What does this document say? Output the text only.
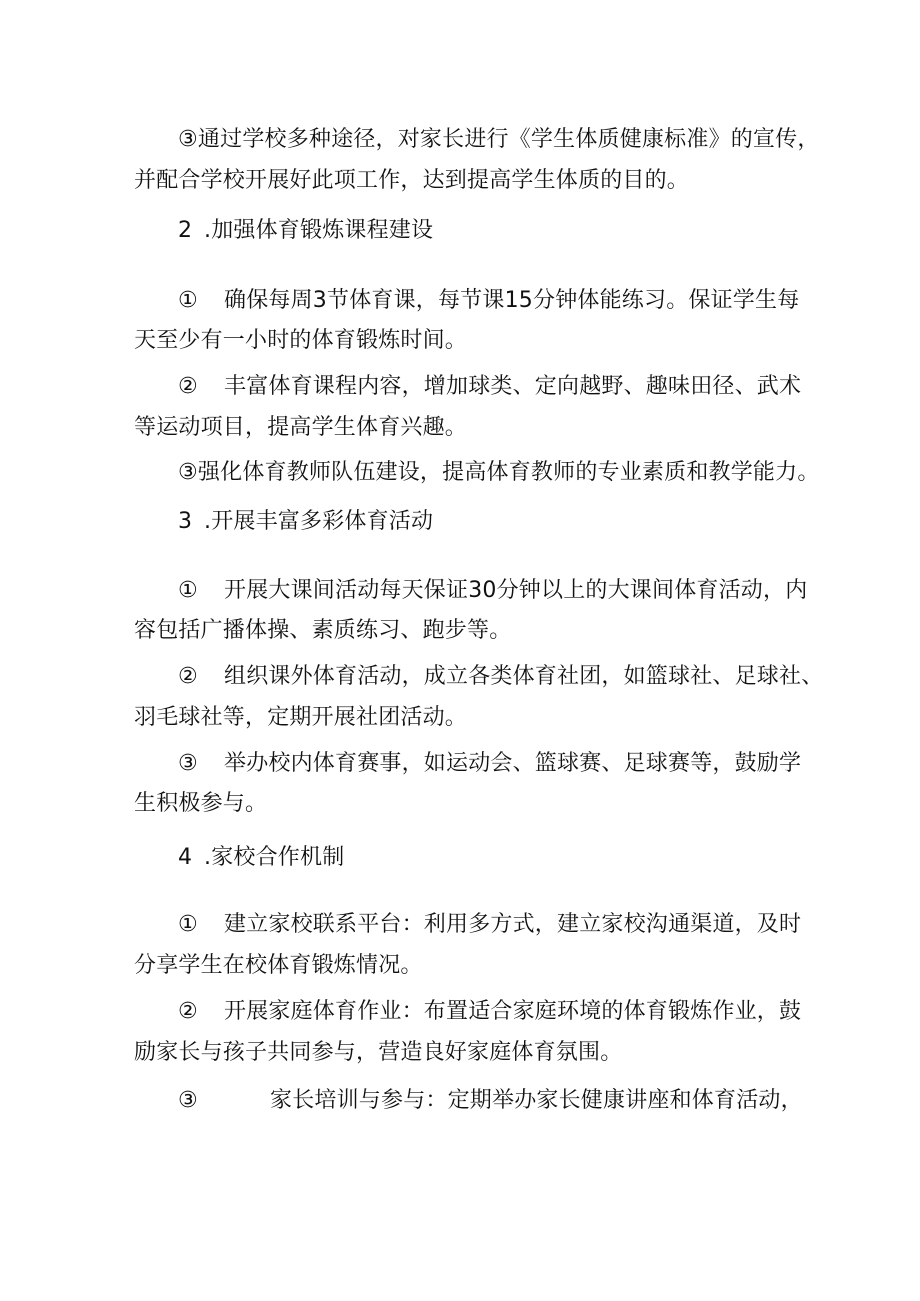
③通过学校多种途径，对家长进行《学生体质健康标准》的宣传，
并配合学校开展好此项工作，达到提高学生体质的目的。
2 .加强体育锻炼课程建设
① 确保每周3节体育课，每节课15分钟体能练习。保证学生每
天至少有一小时的体育锻炼时间。
② 丰富体育课程内容，增加球类、定向越野、趣味田径、武术
等运动项目，提高学生体育兴趣。
③强化体育教师队伍建设，提高体育教师的专业素质和教学能力。
3 .开展丰富多彩体育活动
① 开展大课间活动每天保证30分钟以上的大课间体育活动，内
容包括广播体操、素质练习、跑步等。
② 组织课外体育活动，成立各类体育社团，如篮球社、足球社、
羽毛球社等，定期开展社团活动。
③ 举办校内体育赛事，如运动会、篮球赛、足球赛等，鼓励学
生积极参与。
4 .家校合作机制
① 建立家校联系平台：利用多方式，建立家校沟通渠道，及时
分享学生在校体育锻炼情况。
② 开展家庭体育作业：布置适合家庭环境的体育锻炼作业，鼓
励家长与孩子共同参与，营造良好家庭体育氛围。
③	家长培训与参与：定期举办家长健康讲座和体育活动，
